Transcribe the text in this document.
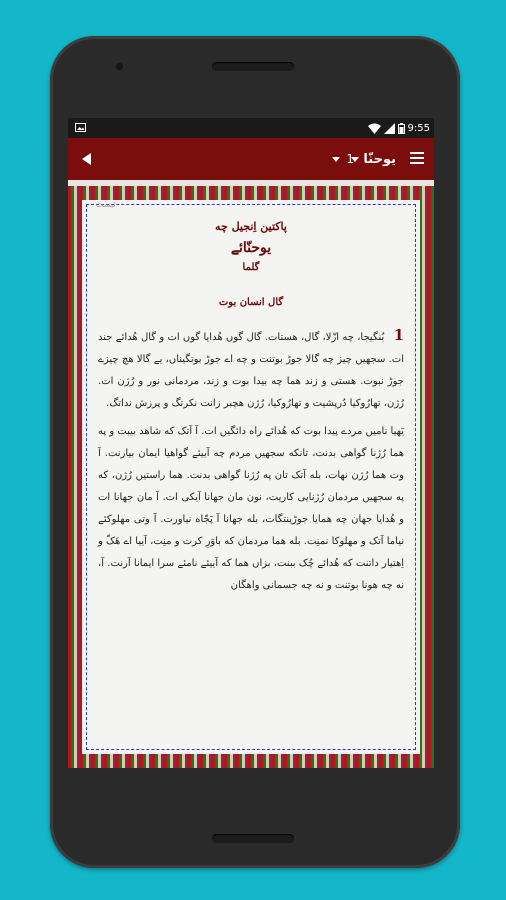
9:55
1 یوحنّا
ٹیسٹ
پاکتین اِنجیل چه
یوحنّائے
گلما
گال انسان بوت

1 بُنگیجا، چه ازّلا، گال، هستات. گال گوں هُدایا گوں ات و گال هُدائے جند ات. سجهیں چیز چه گالا جوڑ بوتنت و چه اے جوڑ بوتگیناں، یے گالا هچ چیزے جوڑ نبوت. هستی و زند هما چه بیدا بوت و زند، مردمانی نور و رُژن ات. رُژن، تهارُوکیا دُرپشیت و تهارُوکیا، رُژن هچبر زانت نکرتگ و پرزش نداتگ.

یَهیا نامیں مردے پیدا بوت که هُدائے راه دائگیں ات. آ آتک که شاهد بیبت و په هما رُژنا گواهی بدنت، تانکه سجهیں مردم چه آییئے گواهیا ایمان بیارنت. آ وت هما رُژن نهات، بله آتک تان په رُژنا گواهی بدنت. هما راستیں رُژن، که په سجهیں مردمان رُژنایی کاریت، نون مان جهانا آیکی ات. آ مان جهانا ات و هُدایا جهان چه همایا جوڑینتگات، بله جهانا آ پَجّاه نیاورت. آ وتی مهلوکئے نیاما آتک و مهلوکا نمنِت. بله هما مردمان که باوَرِ کرت و منِت، آییا اے هَکّ و اِهتیار داتنت که هُدائے چُک ببنت، بزاں هما که آییئے نامئے سرا ایمانا آرنت. آ، نه چه هونا بوتنت و نه چه جسمانی واهگان
